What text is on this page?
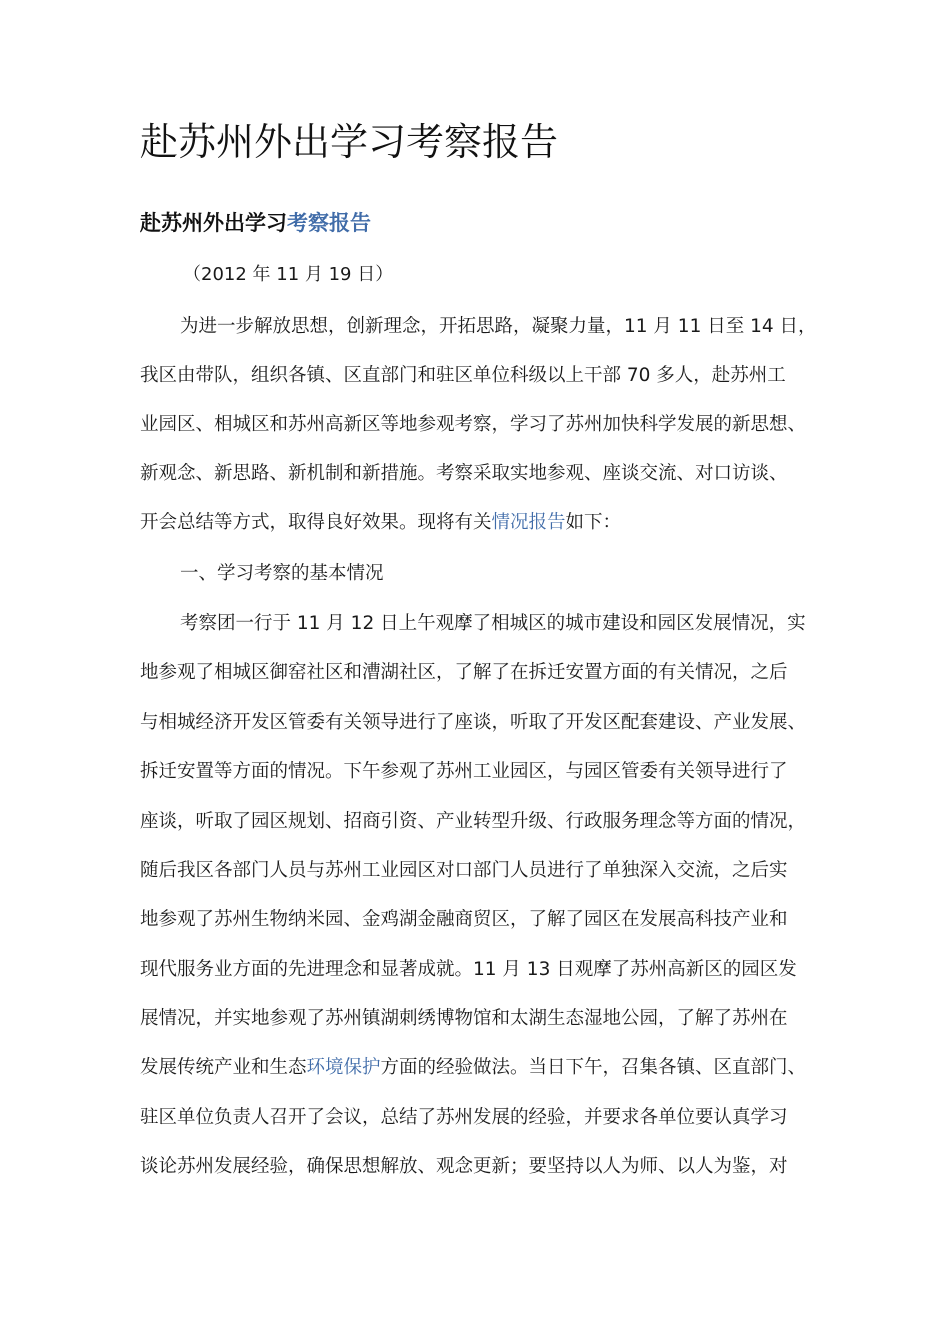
赴苏州外出学习考察报告
赴苏州外出学习考察报告
（2012 年 11 月 19 日）
为进一步解放思想，创新理念，开拓思路，凝聚力量，11 月 11 日至 14 日，
我区由带队，组织各镇、区直部门和驻区单位科级以上干部 70 多人，赴苏州工
业园区、相城区和苏州高新区等地参观考察，学习了苏州加快科学发展的新思想、
新观念、新思路、新机制和新措施。考察采取实地参观、座谈交流、对口访谈、
开会总结等方式，取得良好效果。现将有关情况报告如下：
一、学习考察的基本情况
考察团一行于 11 月 12 日上午观摩了相城区的城市建设和园区发展情况，实
地参观了相城区御窑社区和漕湖社区，了解了在拆迁安置方面的有关情况，之后
与相城经济开发区管委有关领导进行了座谈，听取了开发区配套建设、产业发展、
拆迁安置等方面的情况。下午参观了苏州工业园区，与园区管委有关领导进行了
座谈，听取了园区规划、招商引资、产业转型升级、行政服务理念等方面的情况，
随后我区各部门人员与苏州工业园区对口部门人员进行了单独深入交流，之后实
地参观了苏州生物纳米园、金鸡湖金融商贸区，了解了园区在发展高科技产业和
现代服务业方面的先进理念和显著成就。11 月 13 日观摩了苏州高新区的园区发
展情况，并实地参观了苏州镇湖刺绣博物馆和太湖生态湿地公园，了解了苏州在
发展传统产业和生态环境保护方面的经验做法。当日下午，召集各镇、区直部门、
驻区单位负责人召开了会议，总结了苏州发展的经验，并要求各单位要认真学习
谈论苏州发展经验，确保思想解放、观念更新；要坚持以人为师、以人为鉴，对
